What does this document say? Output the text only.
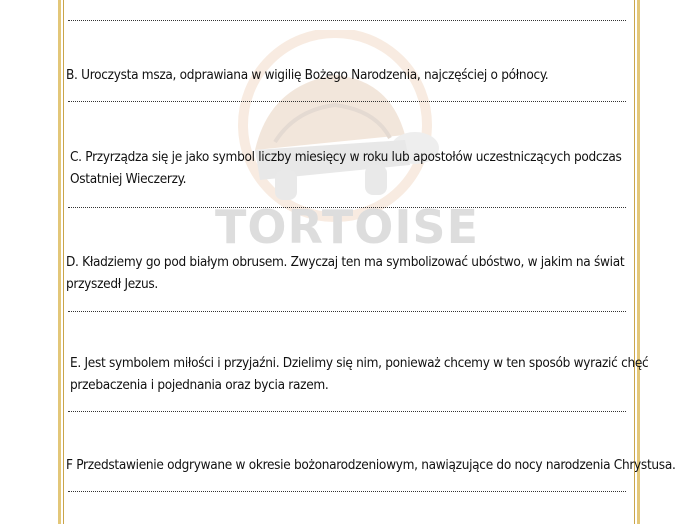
TORTOISE
B. Uroczysta msza, odprawiana w wigilię Bożego Narodzenia, najczęściej o północy.
C. Przyrządza się je jako symbol liczby miesięcy w roku lub apostołów uczestniczących podczas
Ostatniej Wieczerzy.
D. Kładziemy go pod białym obrusem. Zwyczaj ten ma symbolizować ubóstwo, w jakim na świat
przyszedł Jezus.
E. Jest symbolem miłości i przyjaźni. Dzielimy się nim, ponieważ chcemy w ten sposób wyrazić chęć
przebaczenia i pojednania oraz bycia razem.
F Przedstawienie odgrywane w okresie bożonarodzeniowym, nawiązujące do nocy narodzenia Chrystusa.
